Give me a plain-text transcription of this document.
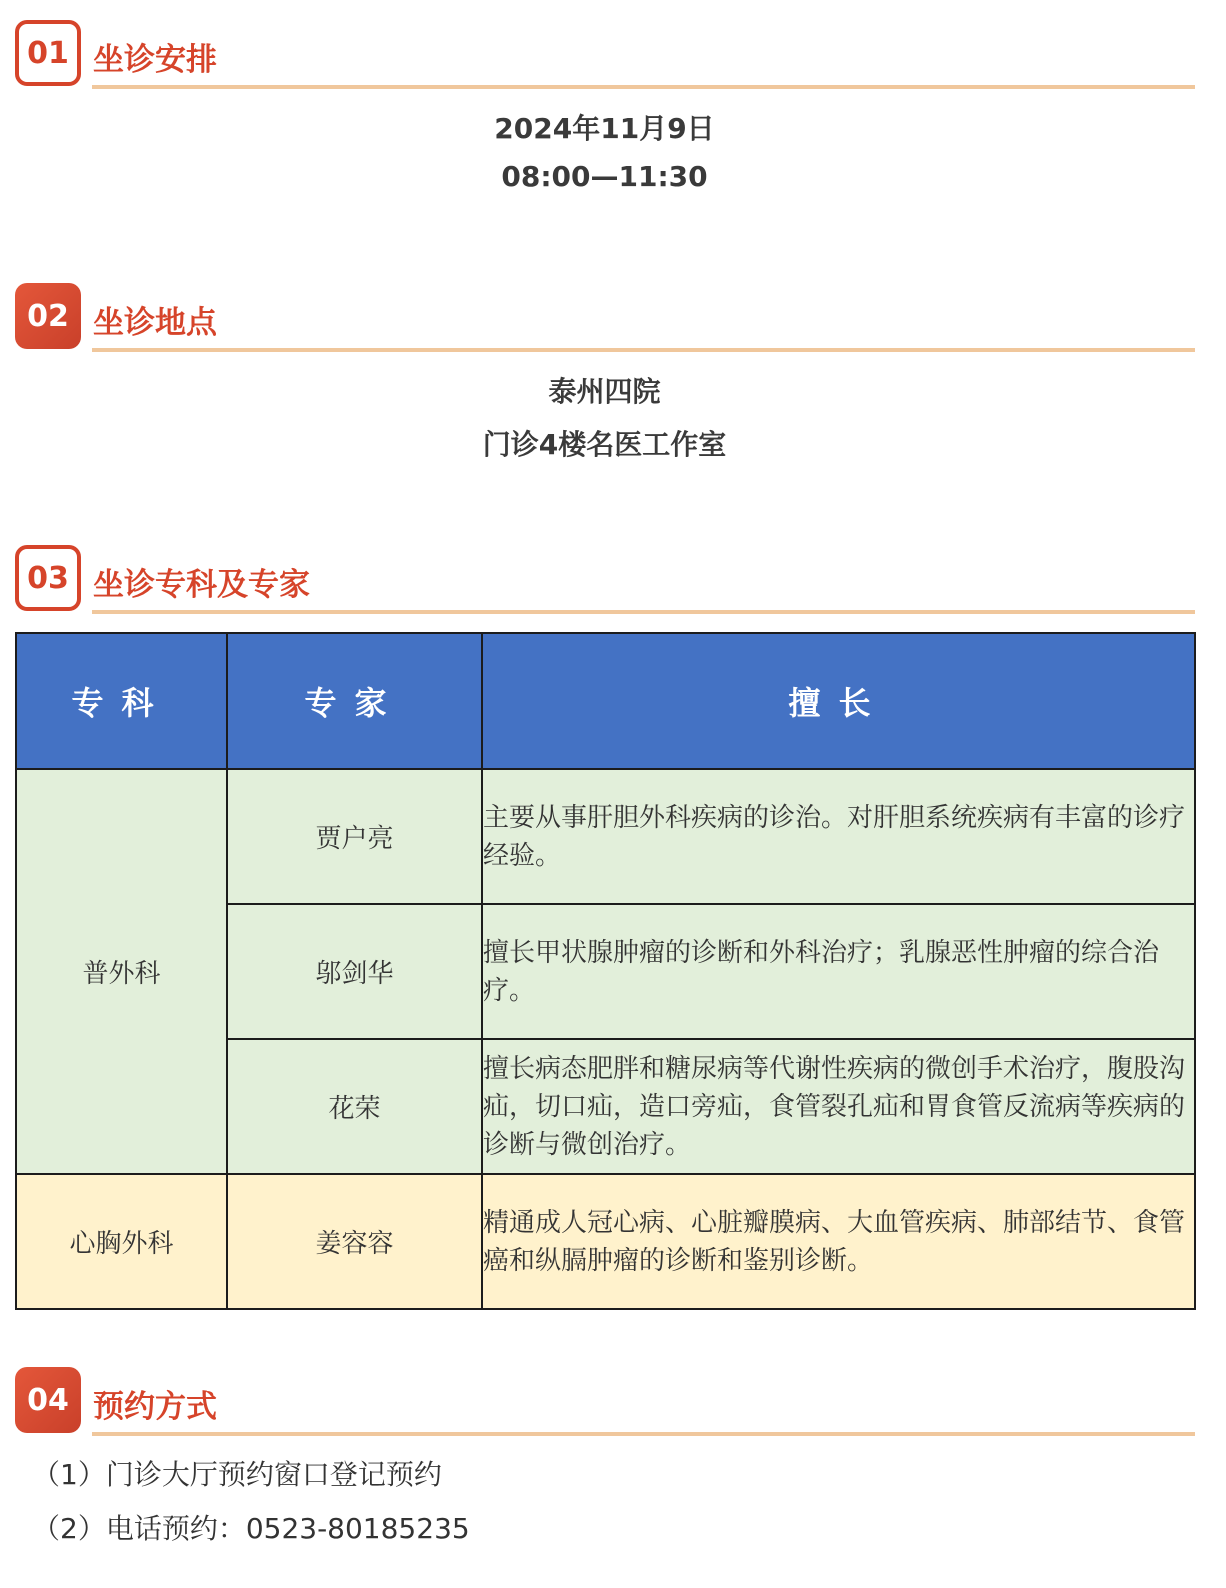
01 坐诊安排
2024年11月9日
08:00—11:30
02 坐诊地点
泰州四院
门诊4楼名医工作室
03 坐诊专科及专家
专科	专家	擅长
普外科	贾户亮	主要从事肝胆外科疾病的诊治。对肝胆系统疾病有丰富的诊疗经验。
	邬剑华	擅长甲状腺肿瘤的诊断和外科治疗；乳腺恶性肿瘤的综合治疗。
	花荣	擅长病态肥胖和糖尿病等代谢性疾病的微创手术治疗，腹股沟疝，切口疝，造口旁疝，食管裂孔疝和胃食管反流病等疾病的诊断与微创治疗。
心胸外科	姜容容	精通成人冠心病、心脏瓣膜病、大血管疾病、肺部结节、食管癌和纵膈肿瘤的诊断和鉴别诊断。
04 预约方式
（1）门诊大厅预约窗口登记预约
（2）电话预约：0523-80185235
